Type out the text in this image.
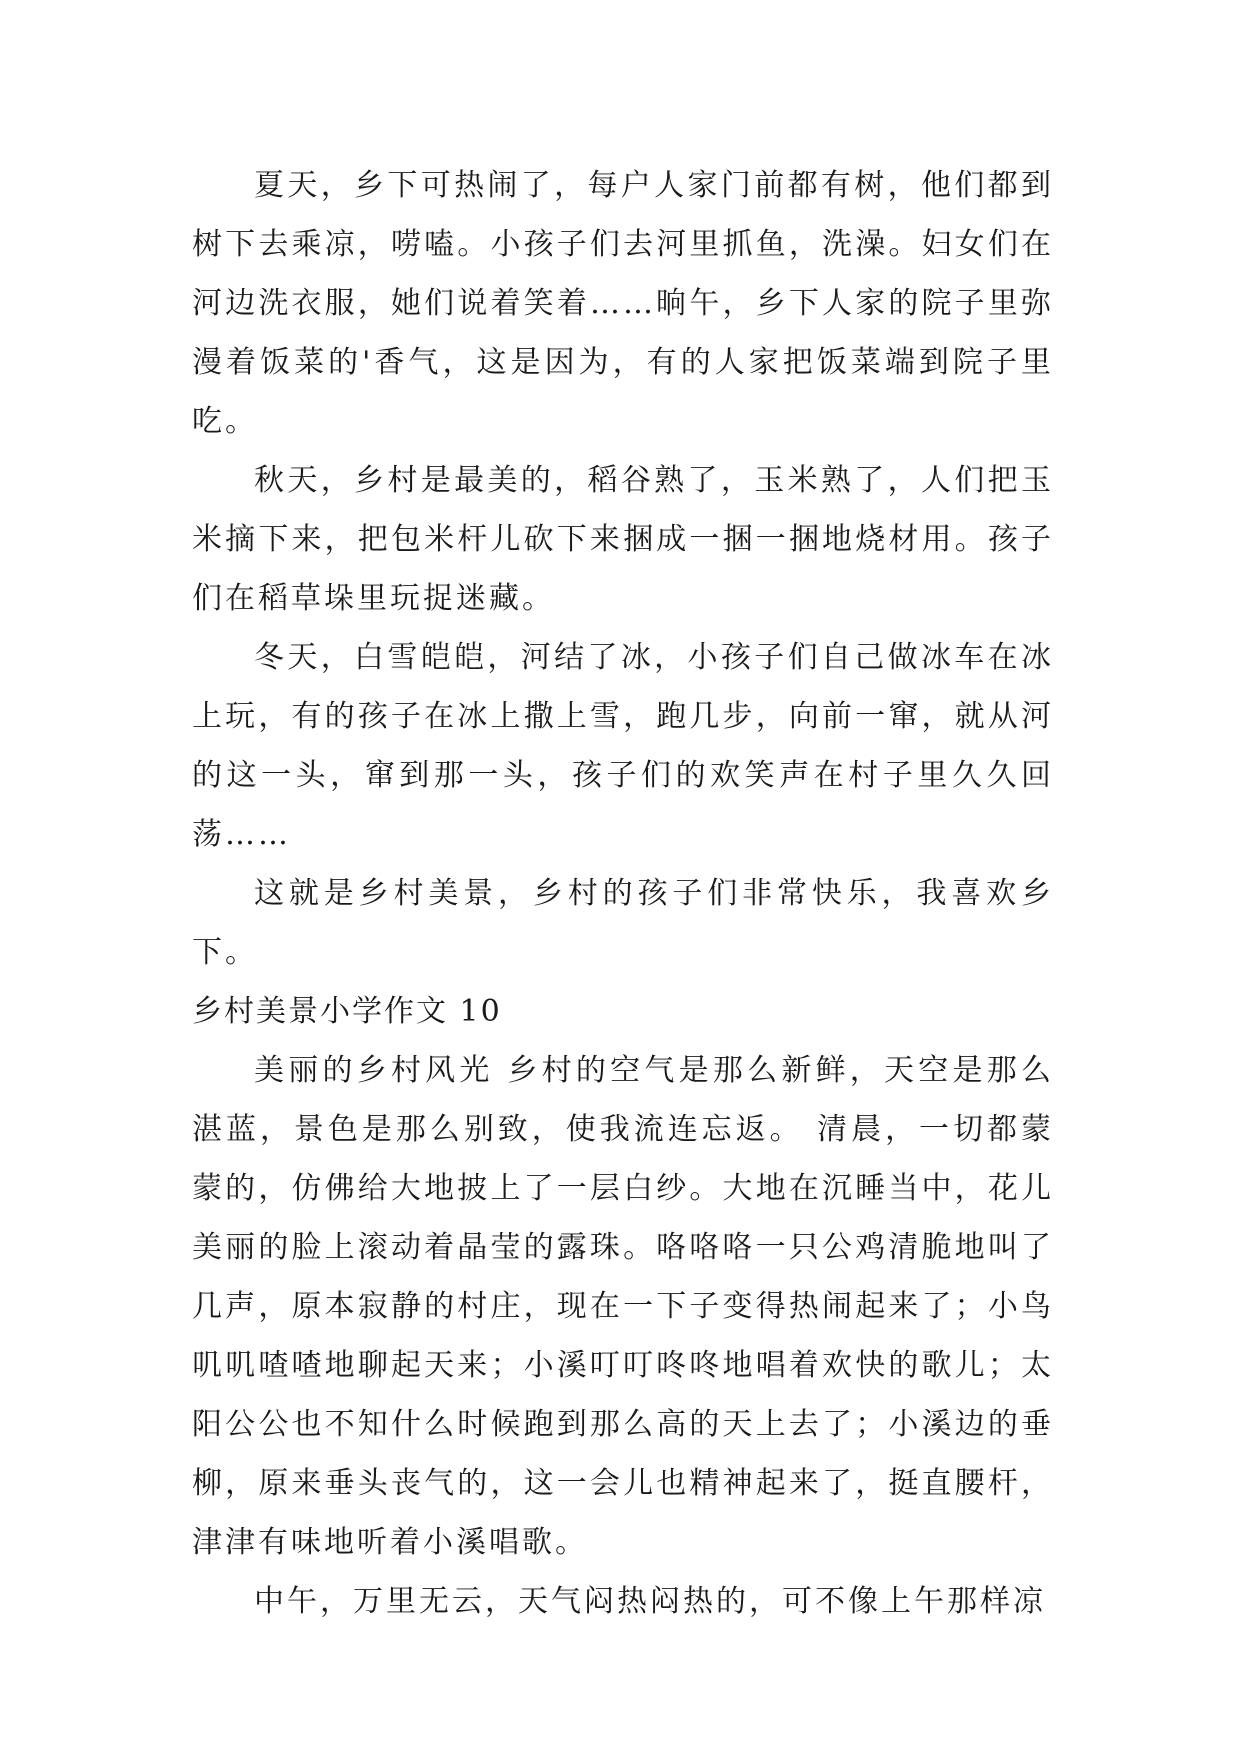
夏天，乡下可热闹了，每户人家门前都有树，他们都到树下去乘凉，唠嗑。小孩子们去河里抓鱼，洗澡。妇女们在河边洗衣服，她们说着笑着……晌午，乡下人家的院子里弥漫着饭菜的'香气，这是因为，有的人家把饭菜端到院子里吃。

秋天，乡村是最美的，稻谷熟了，玉米熟了，人们把玉米摘下来，把包米杆儿砍下来捆成一捆一捆地烧材用。孩子们在稻草垛里玩捉迷藏。

冬天，白雪皑皑，河结了冰，小孩子们自己做冰车在冰上玩，有的孩子在冰上撒上雪，跑几步，向前一窜，就从河的这一头，窜到那一头，孩子们的欢笑声在村子里久久回荡……

这就是乡村美景，乡村的孩子们非常快乐，我喜欢乡下。

乡村美景小学作文 10

美丽的乡村风光 乡村的空气是那么新鲜，天空是那么湛蓝，景色是那么别致，使我流连忘返。 清晨，一切都蒙蒙的，仿佛给大地披上了一层白纱。大地在沉睡当中，花儿美丽的脸上滚动着晶莹的露珠。咯咯咯一只公鸡清脆地叫了几声，原本寂静的村庄，现在一下子变得热闹起来了；小鸟叽叽喳喳地聊起天来；小溪叮叮咚咚地唱着欢快的歌儿；太阳公公也不知什么时候跑到那么高的天上去了；小溪边的垂柳，原来垂头丧气的，这一会儿也精神起来了，挺直腰杆，津津有味地听着小溪唱歌。

中午，万里无云，天气闷热闷热的，可不像上午那样凉
